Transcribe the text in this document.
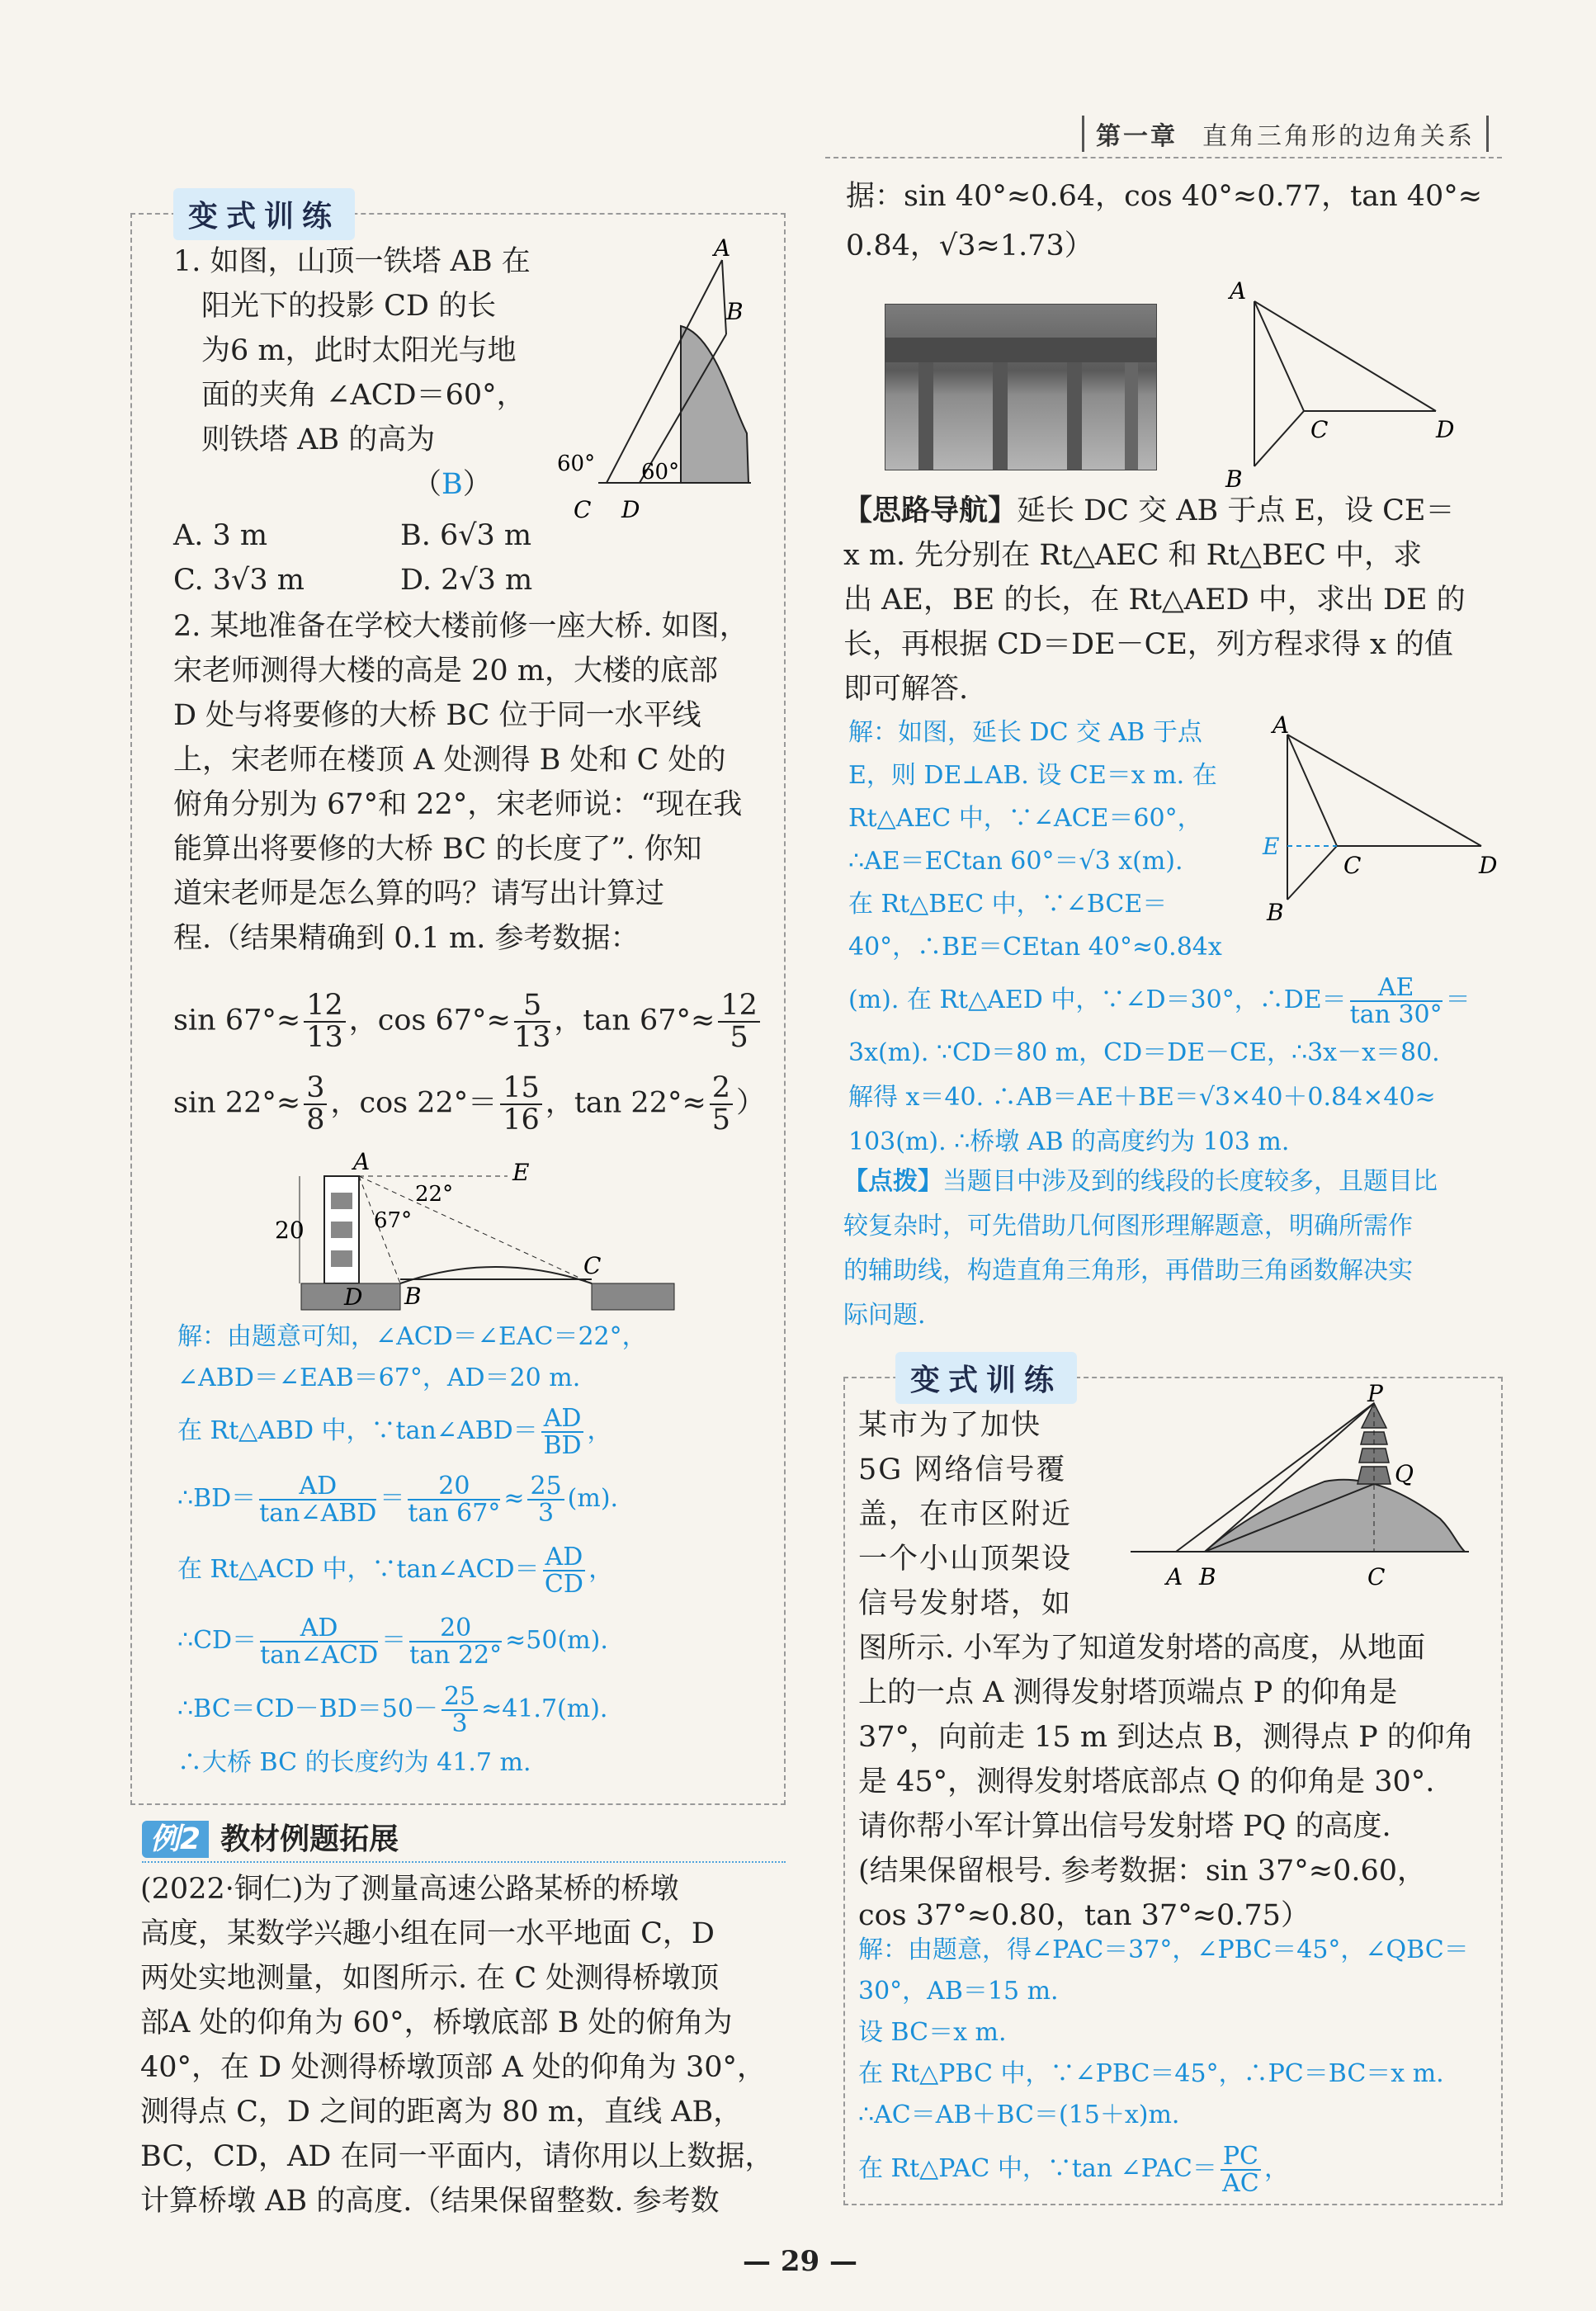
第一章 直角三角形的边角关系
变式训练
1. 如图，山顶一铁塔 AB 在
阳光下的投影 CD 的长
为6 m，此时太阳光与地
面的夹角 ∠ACD＝60°，
则铁塔 AB 的高为
（B）
A. 3 m	B. 6√3 m
C. 3√3 m	D. 2√3 m
A
B
C D
60° 60°
2. 某地准备在学校大楼前修一座大桥. 如图，
宋老师测得大楼的高是 20 m，大楼的底部
D 处与将要修的大桥 BC 位于同一水平线
上，宋老师在楼顶 A 处测得 B 处和 C 处的
俯角分别为 67°和 22°，宋老师说：“现在我
能算出将要修的大桥 BC 的长度了”. 你知
道宋老师是怎么算的吗？请写出计算过
程.（结果精确到 0.1 m. 参考数据：
$\sin 67^\circ\approx \frac{12}{13}$ ，$\cos 67^\circ\approx \frac{5}{13}$ ，$\tan 67^\circ\approx \frac{12}{5}$
$\sin 22^\circ\approx \frac{3}{8}$ ，$\cos 22^\circ= \frac{15}{16}$ ，$\tan 22^\circ\approx \frac{2}{5}$ ）
A	E
B
C
D
20
22°
67°
解：由题意可知，∠ACD＝∠EAC＝22°，
∠ABD＝∠EAB＝67°，AD＝20 m.
在 Rt△ABD 中，∵tan∠ABD＝ $\frac{AD}{BD}$ ，
∴BD＝ $\frac{AD}{\text{tan∠ABD}} = \frac{20}{\tan 67^\circ} \approx \frac{25}{3} (m)$.
在 Rt△ACD 中，∵tan∠ACD＝ $\frac{AD}{CD}$ ，
∴CD＝ $\frac{AD}{\text{tan∠ACD}} = \frac{20}{\tan 22^\circ} \approx 50(m)$.
∴BC＝CD－BD＝50－ $\frac{25}{3} \approx 41.7(m)$.
∴大桥 BC 的长度约为 41.7 m.
例2 教材例题拓展
(2022·铜仁)为了测量高速公路某桥的桥墩
高度，某数学兴趣小组在同一水平地面 C，D
两处实地测量，如图所示. 在 C 处测得桥墩顶
部A 处的仰角为 60°，桥墩底部 B 处的俯角为
40°，在 D 处测得桥墩顶部 A 处的仰角为 30°，
测得点 C，D 之间的距离为 80 m，直线 AB，
BC，CD，AD 在同一平面内，请你用以上数据，
计算桥墩 AB 的高度.（结果保留整数. 参考数
据：sin 40°≈0.64，cos 40°≈0.77，tan 40°≈
0.84，√3≈1.73）
A
B
C	D
【思路导航】延长 DC 交 AB 于点 E，设 CE＝
x m. 先分别在 Rt△AEC 和 Rt△BEC 中，求
出 AE，BE 的长，在 Rt△AED 中，求出 DE 的
长，再根据 CD＝DE－CE，列方程求得 x 的值
即可解答.
解：如图，延长 DC 交 AB 于点
E，则 DE⊥AB. 设 CE＝x m. 在
Rt△AEC 中，∵∠ACE＝60°，
∴AE＝ECtan 60°＝√3 x(m).
在 Rt△BEC 中，∵∠BCE＝
40°，∴BE＝CEtan 40°≈0.84x
A
E
C	D
B
(m). 在 Rt△AED 中，∵∠D＝30°，∴DE＝ $\frac{AE}{\tan 30^\circ}$ ＝
3x(m). ∵CD＝80 m，CD＝DE－CE，∴3x－x＝80.
解得 x＝40. ∴AB＝AE＋BE＝√3×40＋0.84×40≈
103(m). ∴桥墩 AB 的高度约为 103 m.
【点拨】当题目中涉及到的线段的长度较多，且题目比
较复杂时，可先借助几何图形理解题意，明确所需作
的辅助线，构造直角三角形，再借助三角函数解决实
际问题.
变式训练
某市为了加快
5G 网络信号覆
盖，在市区附近
一个小山顶架设
信号发射塔，如
P
Q
A B	C
图所示. 小军为了知道发射塔的高度，从地面
上的一点 A 测得发射塔顶端点 P 的仰角是
37°，向前走 15 m 到达点 B，测得点 P 的仰角
是 45°，测得发射塔底部点 Q 的仰角是 30°.
请你帮小军计算出信号发射塔 PQ 的高度.
(结果保留根号. 参考数据：sin 37°≈0.60，
cos 37°≈0.80，tan 37°≈0.75）
解：由题意，得∠PAC＝37°，∠PBC＝45°，∠QBC＝
30°，AB＝15 m.
设 BC＝x m.
在 Rt△PBC 中，∵∠PBC＝45°，∴PC＝BC＝x m.
∴AC＝AB＋BC＝(15＋x)m.
在 Rt△PAC 中，∵tan ∠PAC＝ $\frac{PC}{AC}$ ，
— 29 —
